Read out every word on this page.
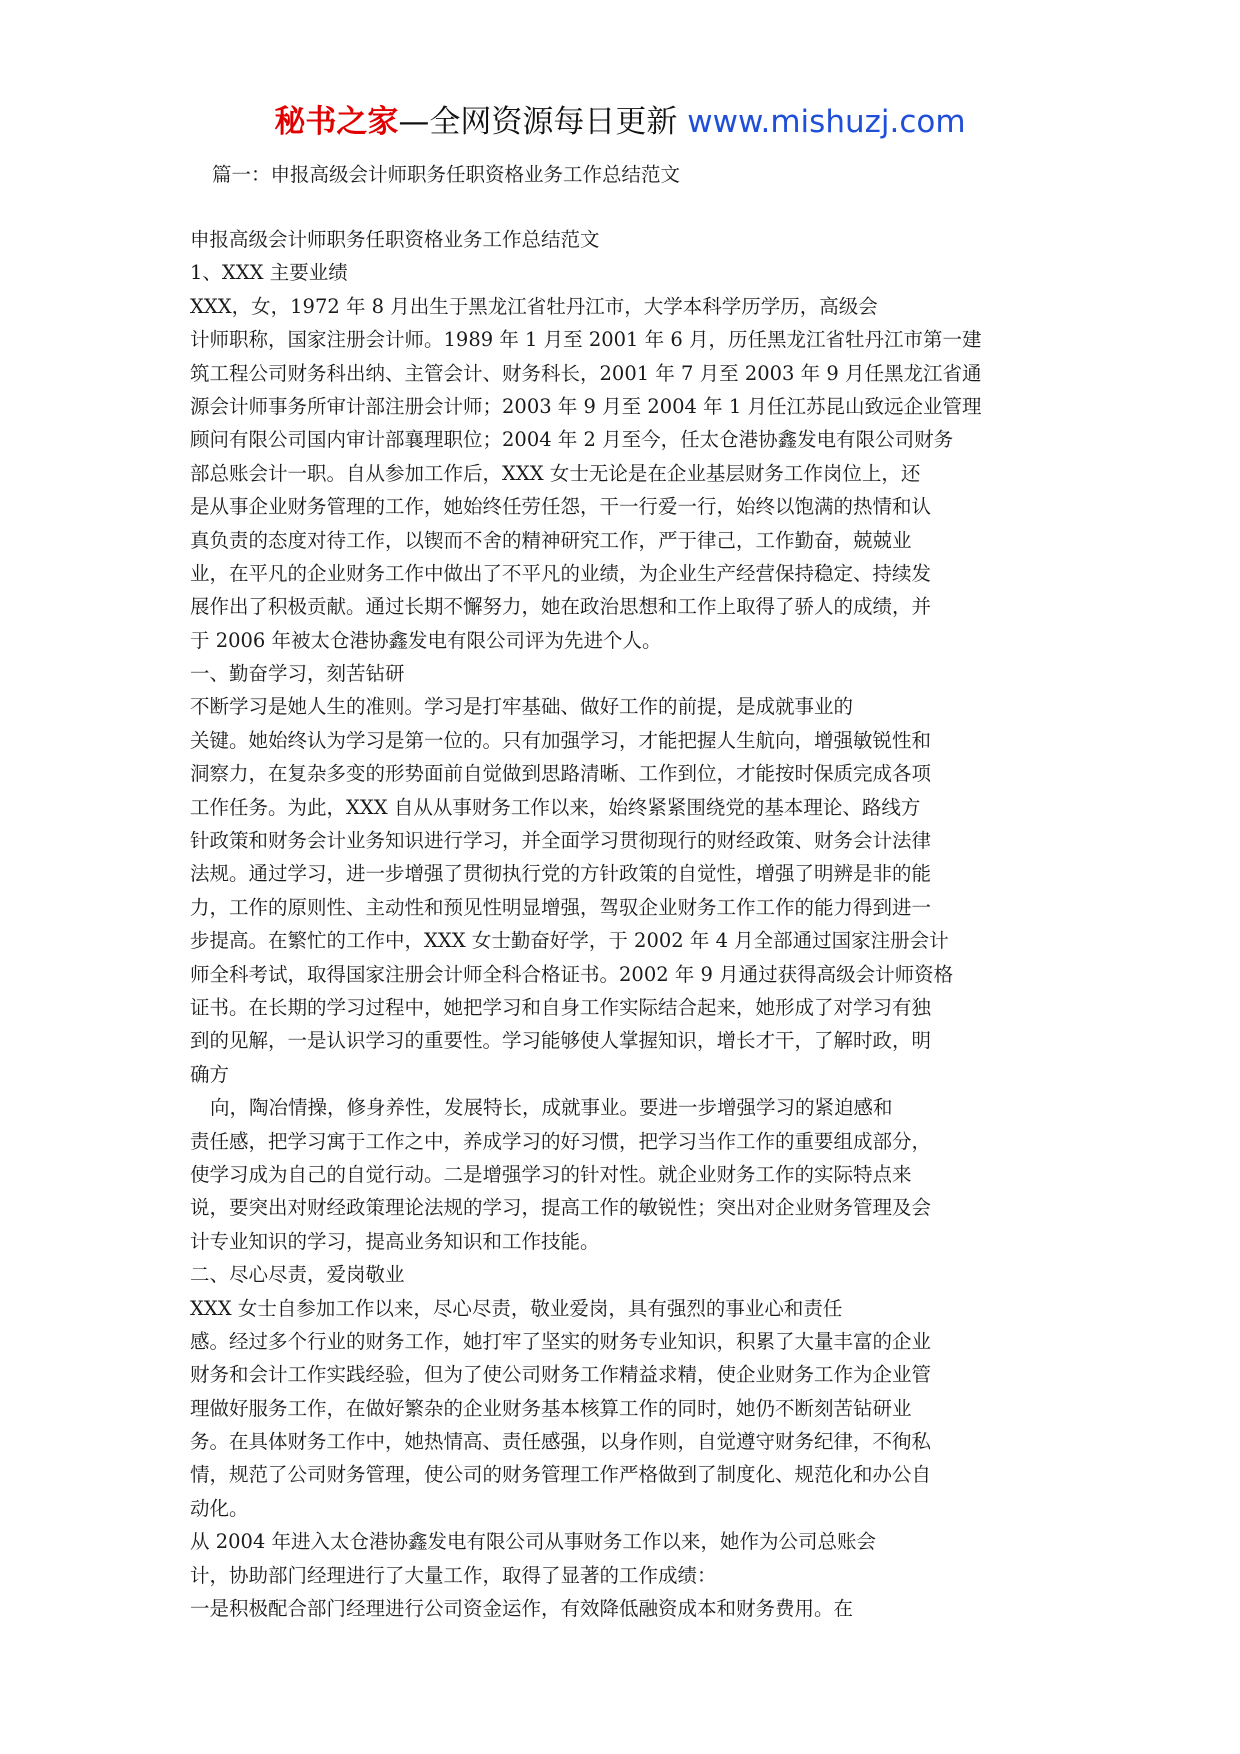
秘书之家—全网资源每日更新 www.mishuzj.com
篇一：申报高级会计师职务任职资格业务工作总结范文
申报高级会计师职务任职资格业务工作总结范文
1、XXX 主要业绩
XXX，女，1972 年 8 月出生于黑龙江省牡丹江市，大学本科学历学历，高级会
计师职称，国家注册会计师。1989 年 1 月至 2001 年 6 月，历任黑龙江省牡丹江市第一建
筑工程公司财务科出纳、主管会计、财务科长，2001 年 7 月至 2003 年 9 月任黑龙江省通
源会计师事务所审计部注册会计师；2003 年 9 月至 2004 年 1 月任江苏昆山致远企业管理
顾问有限公司国内审计部襄理职位；2004 年 2 月至今，任太仓港协鑫发电有限公司财务
部总账会计一职。自从参加工作后，XXX 女士无论是在企业基层财务工作岗位上，还
是从事企业财务管理的工作，她始终任劳任怨，干一行爱一行，始终以饱满的热情和认
真负责的态度对待工作，以锲而不舍的精神研究工作，严于律己，工作勤奋，兢兢业
业，在平凡的企业财务工作中做出了不平凡的业绩，为企业生产经营保持稳定、持续发
展作出了积极贡献。通过长期不懈努力，她在政治思想和工作上取得了骄人的成绩，并
于 2006 年被太仓港协鑫发电有限公司评为先进个人。
一、勤奋学习，刻苦钻研
不断学习是她人生的准则。学习是打牢基础、做好工作的前提，是成就事业的
关键。她始终认为学习是第一位的。只有加强学习，才能把握人生航向，增强敏锐性和
洞察力，在复杂多变的形势面前自觉做到思路清晰、工作到位，才能按时保质完成各项
工作任务。为此，XXX 自从从事财务工作以来，始终紧紧围绕党的基本理论、路线方
针政策和财务会计业务知识进行学习，并全面学习贯彻现行的财经政策、财务会计法律
法规。通过学习，进一步增强了贯彻执行党的方针政策的自觉性，增强了明辨是非的能
力，工作的原则性、主动性和预见性明显增强，驾驭企业财务工作工作的能力得到进一
步提高。在繁忙的工作中，XXX 女士勤奋好学，于 2002 年 4 月全部通过国家注册会计
师全科考试，取得国家注册会计师全科合格证书。2002 年 9 月通过获得高级会计师资格
证书。在长期的学习过程中，她把学习和自身工作实际结合起来，她形成了对学习有独
到的见解，一是认识学习的重要性。学习能够使人掌握知识，增长才干，了解时政，明
确方
向，陶冶情操，修身养性，发展特长，成就事业。要进一步增强学习的紧迫感和
责任感，把学习寓于工作之中，养成学习的好习惯，把学习当作工作的重要组成部分，
使学习成为自己的自觉行动。二是增强学习的针对性。就企业财务工作的实际特点来
说，要突出对财经政策理论法规的学习，提高工作的敏锐性；突出对企业财务管理及会
计专业知识的学习，提高业务知识和工作技能。
二、尽心尽责，爱岗敬业
XXX 女士自参加工作以来，尽心尽责，敬业爱岗，具有强烈的事业心和责任
感。经过多个行业的财务工作，她打牢了坚实的财务专业知识，积累了大量丰富的企业
财务和会计工作实践经验，但为了使公司财务工作精益求精，使企业财务工作为企业管
理做好服务工作，在做好繁杂的企业财务基本核算工作的同时，她仍不断刻苦钻研业
务。在具体财务工作中，她热情高、责任感强，以身作则，自觉遵守财务纪律，不徇私
情，规范了公司财务管理，使公司的财务管理工作严格做到了制度化、规范化和办公自
动化。
从 2004 年进入太仓港协鑫发电有限公司从事财务工作以来，她作为公司总账会
计，协助部门经理进行了大量工作，取得了显著的工作成绩：
一是积极配合部门经理进行公司资金运作，有效降低融资成本和财务费用。在
